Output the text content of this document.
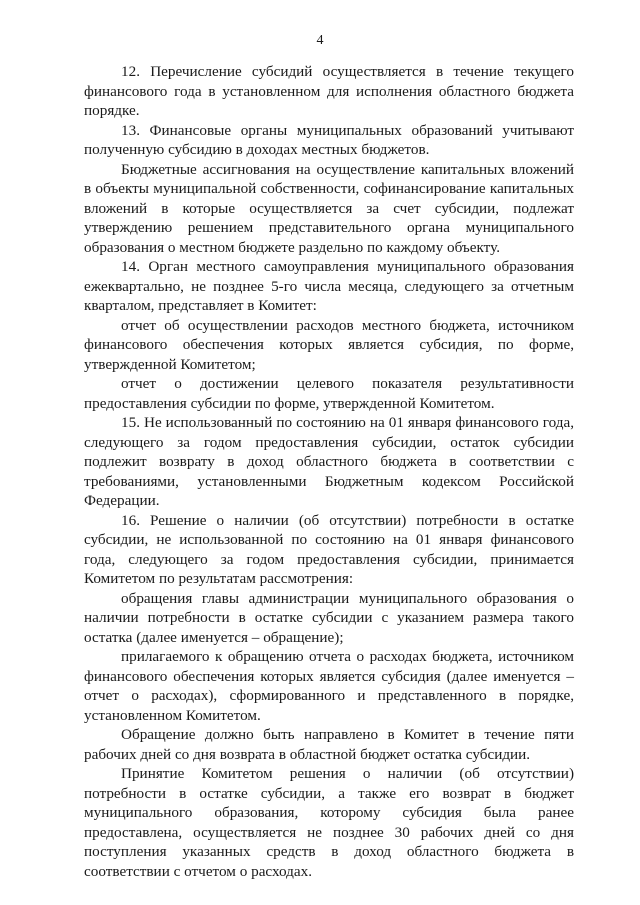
4

12. Перечисление субсидий осуществляется в течение текущего финансового года в установленном для исполнения областного бюджета порядке.

13. Финансовые органы муниципальных образований учитывают полученную субсидию в доходах местных бюджетов.

Бюджетные ассигнования на осуществление капитальных вложений в объекты муниципальной собственности, софинансирование капитальных вложений в которые осуществляется за счет субсидии, подлежат утверждению решением представительного органа муниципального образования о местном бюджете раздельно по каждому объекту.

14. Орган местного самоуправления муниципального образования ежеквартально, не позднее 5-го числа месяца, следующего за отчетным кварталом, представляет в Комитет:

отчет об осуществлении расходов местного бюджета, источником финансового обеспечения которых является субсидия, по форме, утвержденной Комитетом;

отчет о достижении целевого показателя результативности предоставления субсидии по форме, утвержденной Комитетом.

15. Не использованный по состоянию на 01 января финансового года, следующего за годом предоставления субсидии, остаток субсидии подлежит возврату в доход областного бюджета в соответствии с требованиями, установленными Бюджетным кодексом Российской Федерации.

16. Решение о наличии (об отсутствии) потребности в остатке субсидии, не использованной по состоянию на 01 января финансового года, следующего за годом предоставления субсидии, принимается Комитетом по результатам рассмотрения:

обращения главы администрации муниципального образования о наличии потребности в остатке субсидии с указанием размера такого остатка (далее именуется – обращение);

прилагаемого к обращению отчета о расходах бюджета, источником финансового обеспечения которых является субсидия (далее именуется – отчет о расходах), сформированного и представленного в порядке, установленном Комитетом.

Обращение должно быть направлено в Комитет в течение пяти рабочих дней со дня возврата в областной бюджет остатка субсидии.

Принятие Комитетом решения о наличии (об отсутствии) потребности в остатке субсидии, а также его возврат в бюджет муниципального образования, которому субсидия была ранее предоставлена, осуществляется не позднее 30 рабочих дней со дня поступления указанных средств в доход областного бюджета в соответствии с отчетом о расходах.
